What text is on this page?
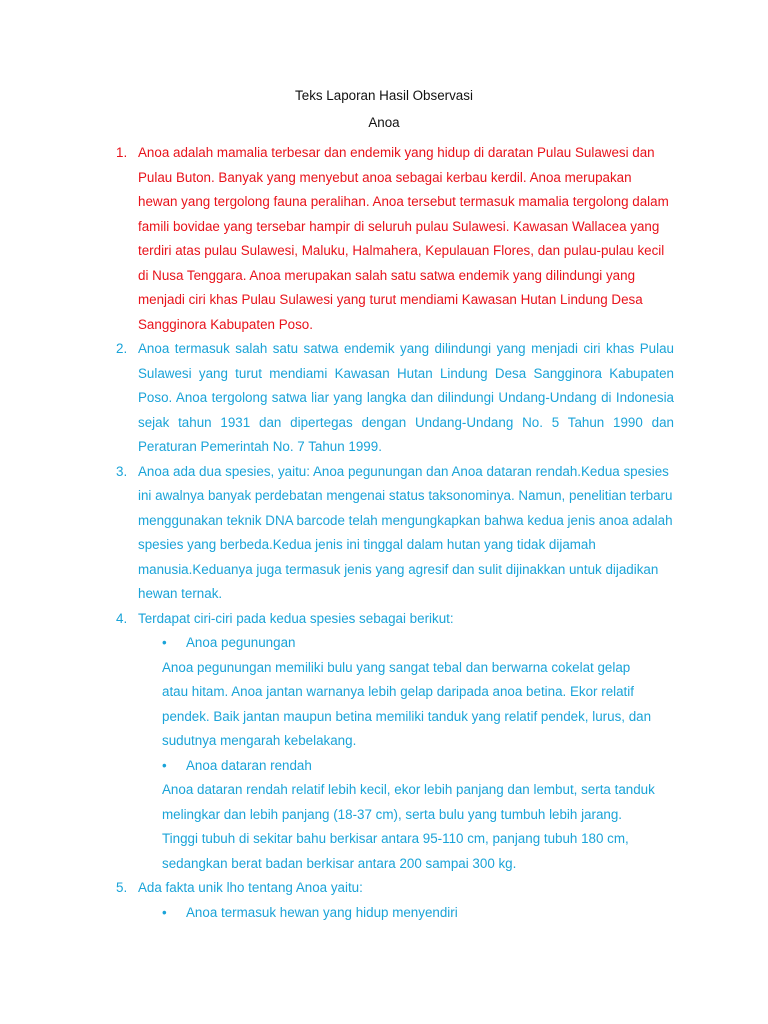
Teks Laporan Hasil Observasi
Anoa
1. Anoa adalah mamalia terbesar dan endemik yang hidup di daratan Pulau Sulawesi dan Pulau Buton. Banyak yang menyebut anoa sebagai kerbau kerdil. Anoa merupakan hewan yang tergolong fauna peralihan. Anoa tersebut termasuk mamalia tergolong dalam famili bovidae yang tersebar hampir di seluruh pulau Sulawesi. Kawasan Wallacea yang terdiri atas pulau Sulawesi, Maluku, Halmahera, Kepulauan Flores, dan pulau-pulau kecil di Nusa Tenggara. Anoa merupakan salah satu satwa endemik yang dilindungi yang menjadi ciri khas Pulau Sulawesi yang turut mendiami Kawasan Hutan Lindung Desa Sangginora Kabupaten Poso.
2. Anoa termasuk salah satu satwa endemik yang dilindungi yang menjadi ciri khas Pulau Sulawesi yang turut mendiami Kawasan Hutan Lindung Desa Sangginora Kabupaten Poso. Anoa tergolong satwa liar yang langka dan dilindungi Undang-Undang di Indonesia sejak tahun 1931 dan dipertegas dengan Undang-Undang No. 5 Tahun 1990 dan Peraturan Pemerintah No. 7 Tahun 1999.
3. Anoa ada dua spesies, yaitu: Anoa pegunungan dan Anoa dataran rendah.Kedua spesies ini awalnya banyak perdebatan mengenai status taksonominya. Namun, penelitian terbaru menggunakan teknik DNA barcode telah mengungkapkan bahwa kedua jenis anoa adalah spesies yang berbeda.Kedua jenis ini tinggal dalam hutan yang tidak dijamah manusia.Keduanya juga termasuk jenis yang agresif dan sulit dijinakkan untuk dijadikan hewan ternak.
4. Terdapat ciri-ciri pada kedua spesies sebagai berikut:
•	Anoa pegunungan
Anoa pegunungan memiliki bulu yang sangat tebal dan berwarna cokelat gelap atau hitam. Anoa jantan warnanya lebih gelap daripada anoa betina. Ekor relatif pendek. Baik jantan maupun betina memiliki tanduk yang relatif pendek, lurus, dan sudutnya mengarah kebelakang.
•	Anoa dataran rendah
Anoa dataran rendah relatif lebih kecil, ekor lebih panjang dan lembut, serta tanduk melingkar dan lebih panjang (18-37 cm), serta bulu yang tumbuh lebih jarang. Tinggi tubuh di sekitar bahu berkisar antara 95-110 cm, panjang tubuh 180 cm, sedangkan berat badan berkisar antara 200 sampai 300 kg.
5. Ada fakta unik lho tentang Anoa yaitu:
•	Anoa termasuk hewan yang hidup menyendiri
